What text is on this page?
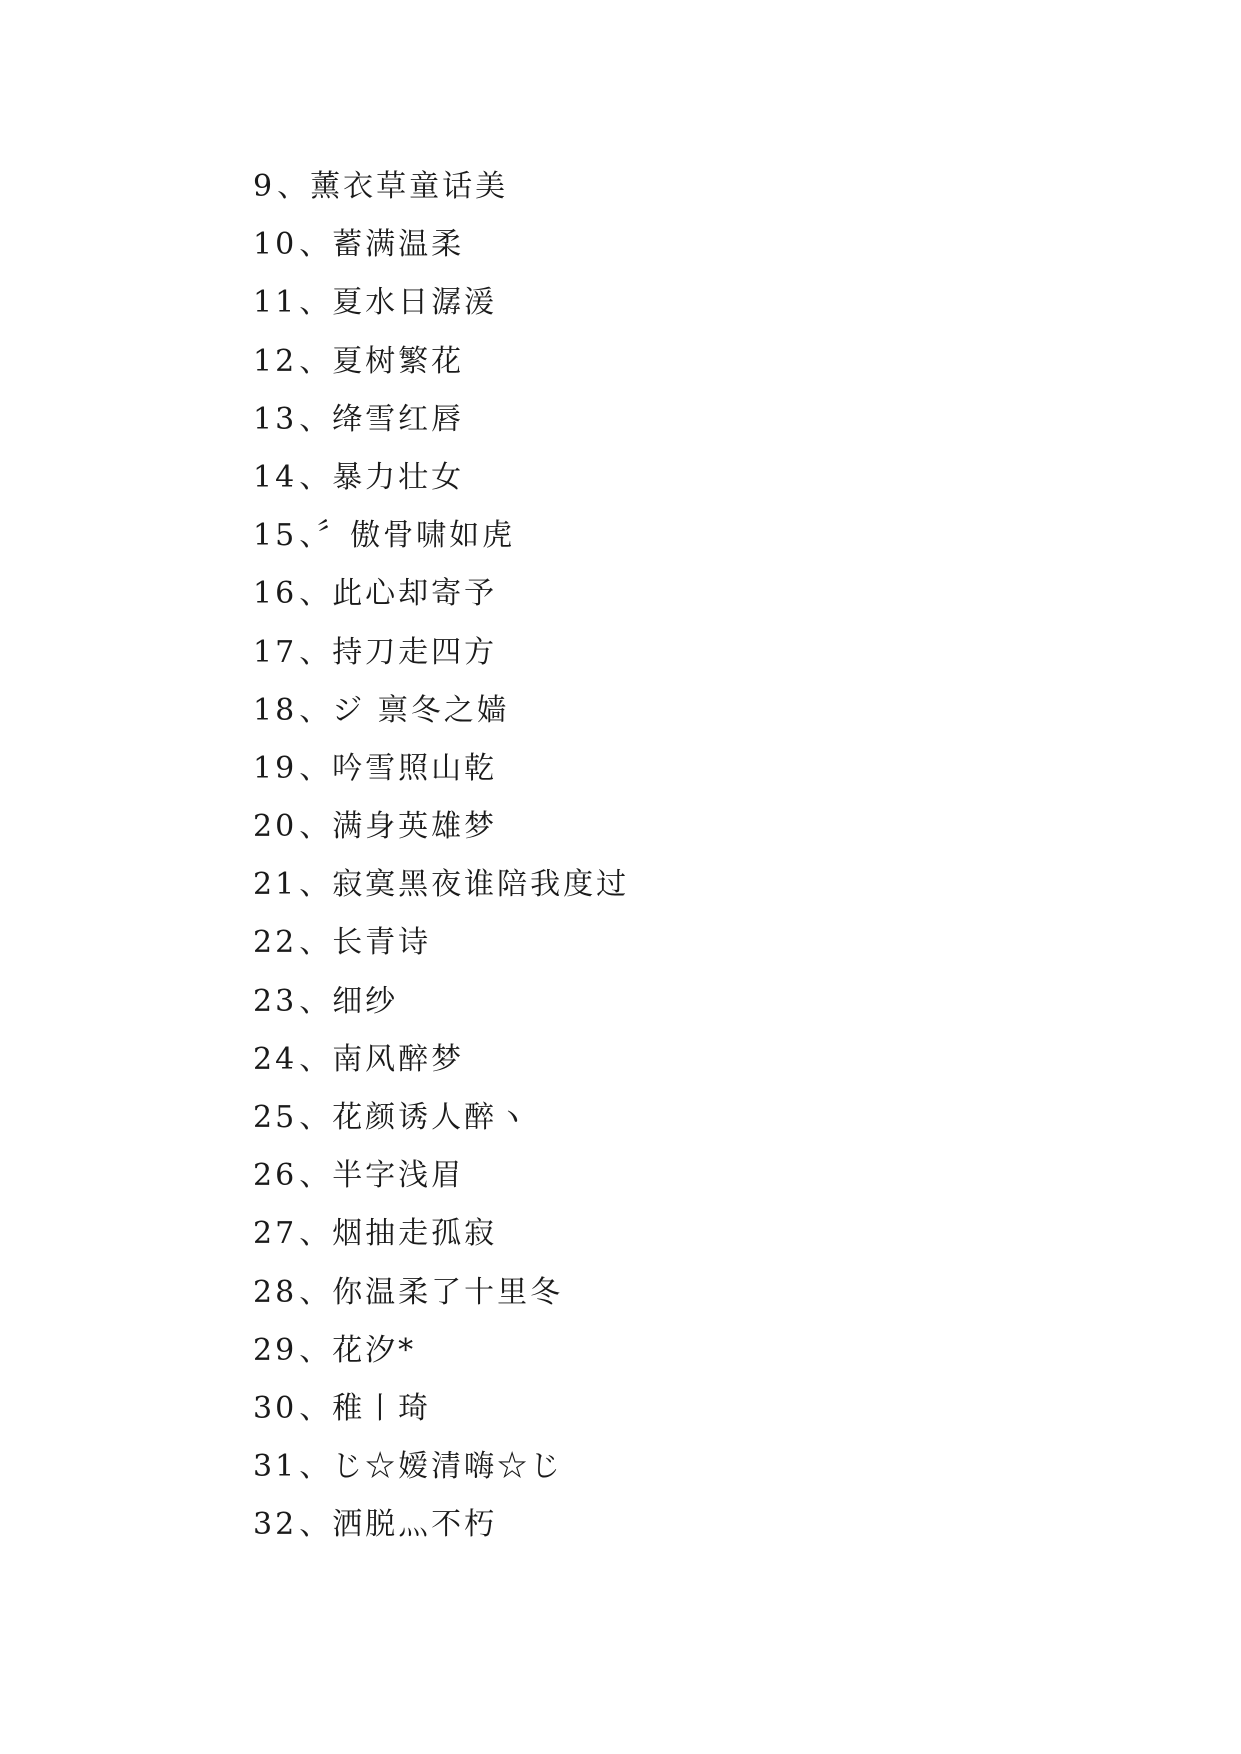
9、薰衣草童话美
10、蓄满温柔
11、夏水日潺湲
12、夏树繁花
13、绛雪红唇
14、暴力壮女
15、〞傲骨啸如虎
16、此心却寄予
17、持刀走四方
18、ジ 禀冬之嫱
19、吟雪照山乾
20、满身英雄梦
21、寂寞黑夜谁陪我度过
22、长青诗
23、细纱
24、南风醉梦
25、花颜诱人醉ヽ
26、半字浅眉
27、烟抽走孤寂
28、你温柔了十里冬
29、花汐*
30、稚丨琦
31、じ☆嫒清嗨☆じ
32、洒脱灬不朽
